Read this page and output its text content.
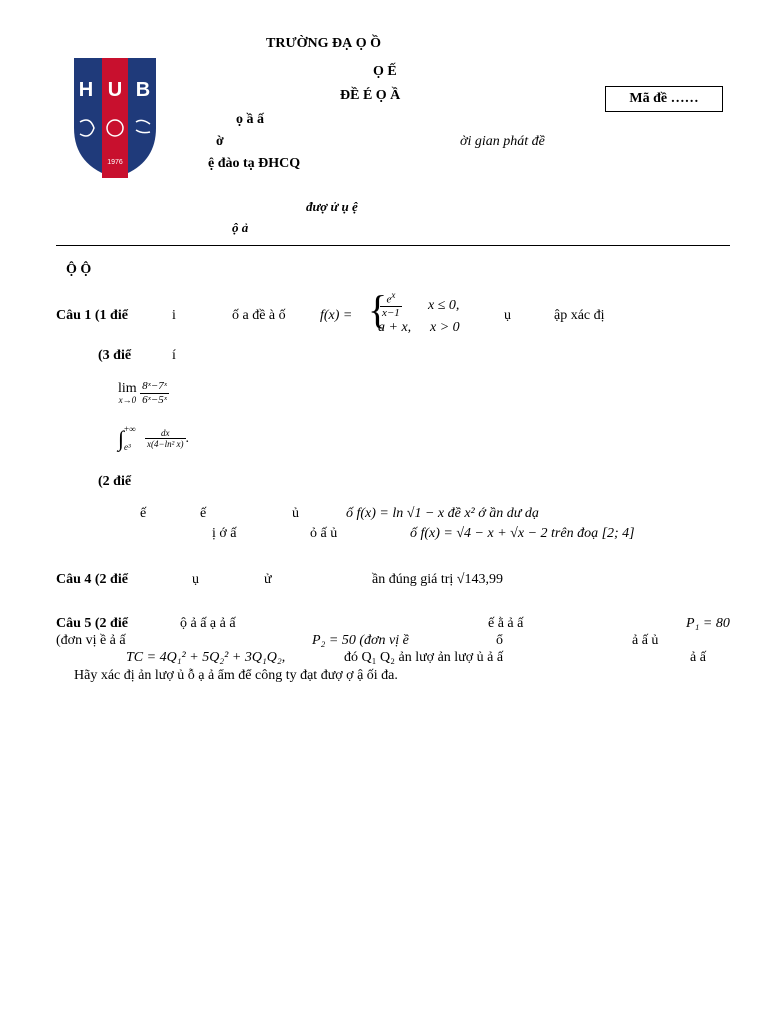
H U B
1976
TRƯỜNG ĐẠ Ọ Ồ
Ọ Ế
ĐỀ É Ọ Ầ
ọ ầ ấ
ờ	ời gian phát đề
ệ đào tạ ĐHCQ
Mã đề ……
đượ ử ụ ệ
ộ ả
Ộ Ộ
Câu 1 (1 điể	i	ố a đề à ố f(x) = {
$\frac{e^x}{x-1}$ x ≤ 0,
a + x, x > 0
ụ	ập xác đị
(3 điể	í
lim
x→0
$\frac{\text{8ˣ−7ˣ}}{\text{6ˣ−5ˣ}}$
∫ +∞
e³
	$\frac{dx}{\text{x(4−ln² x)}}$ .
(2 điể
ế	ế	ủ	ố f(x) = ln √1 − x đề x² ớ ần dư dạ
ị ớ ấ	ỏ ấ ủ	ố f(x) = √4 − x + √x − 2 trên đoạ [2; 4]
Câu 4 (2 điể	ụ	ử	ần đúng giá trị √143,99
Câu 5 (2 điể	ộ ả ấ ạ ả ấ	ế ằ ả ấ	P₁ = 80
(đơn vị ề ả ấ	P₂ = 50 (đơn vị ề	ổ	ả ấ ủ
TC = 4Q₁² + 5Q₂² + 3Q₁Q₂,	đó Q₁ Q₂ ản lượ ản lượ ủ ả ấ	ả ấ
Hãy xác đị ản lượ ủ ỗ ạ ả ẩm để công ty đạt đượ ợ ậ ối đa.
